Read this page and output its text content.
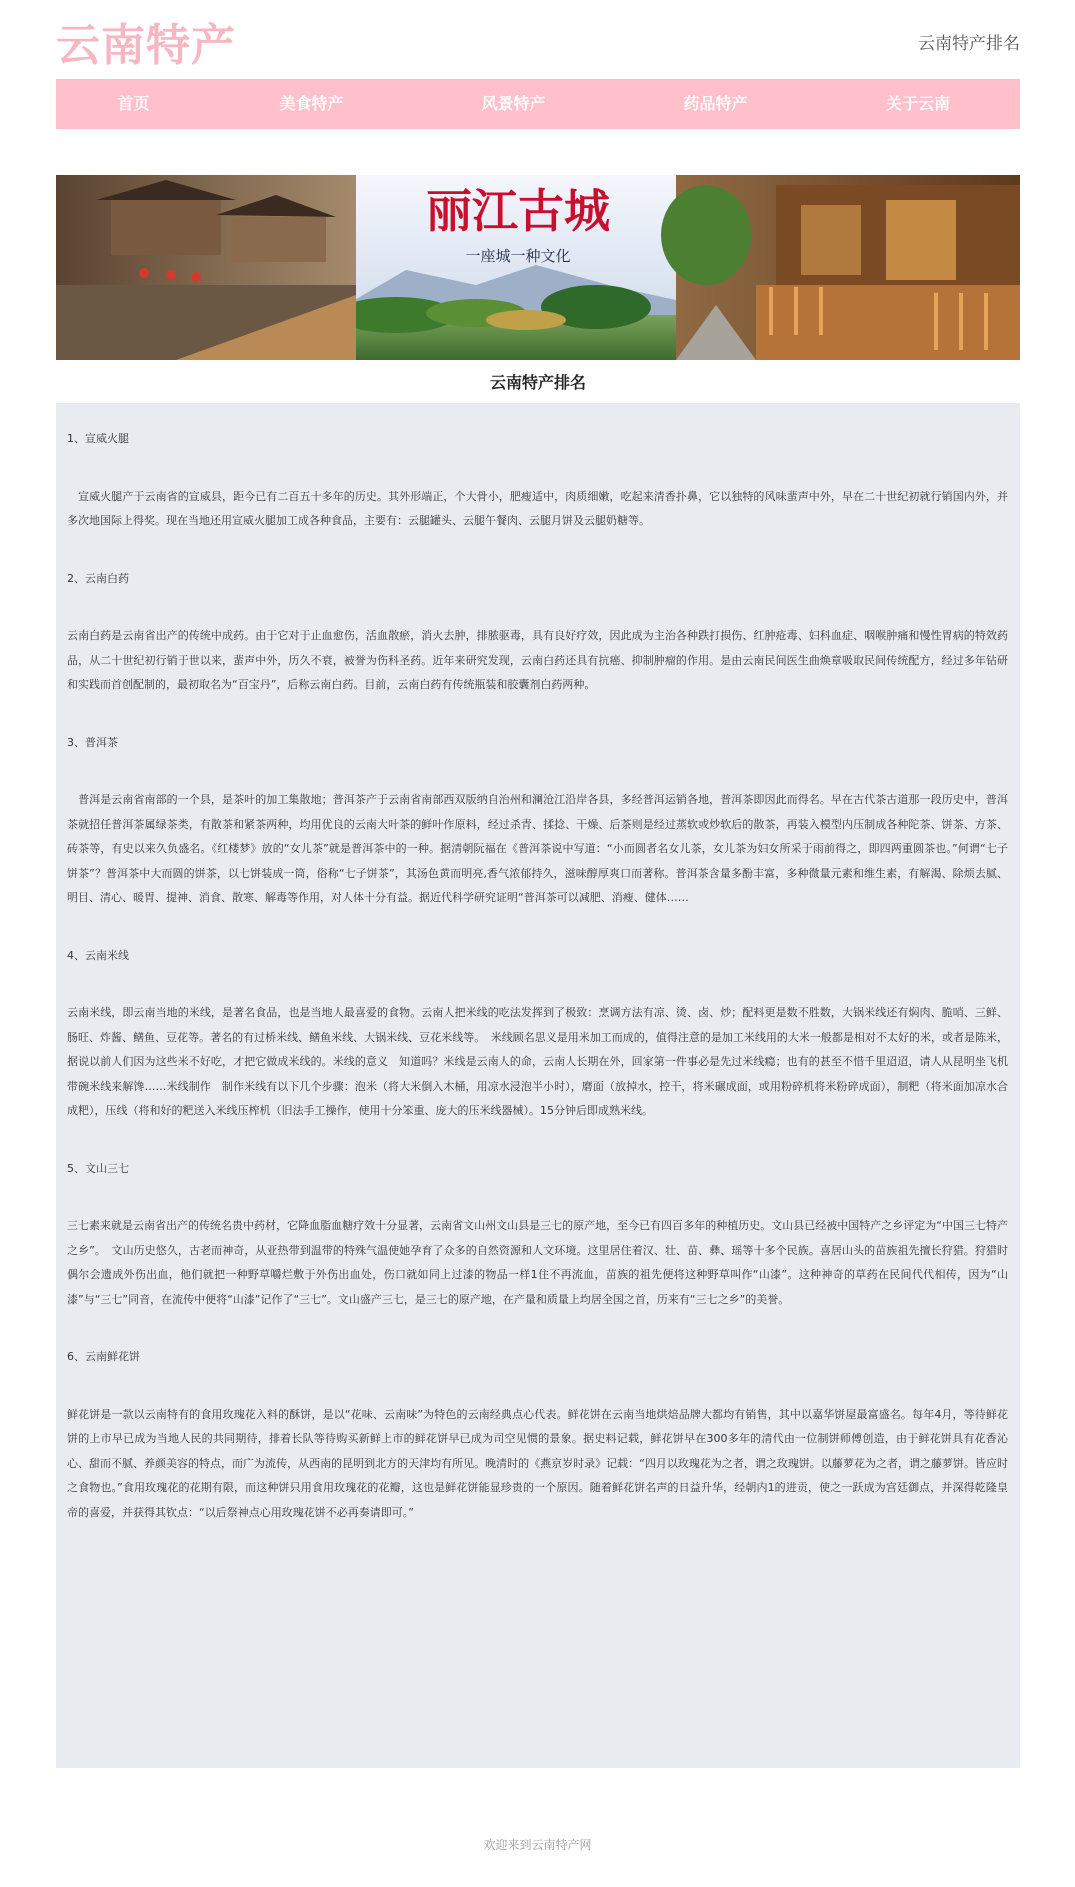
云南特产	云南特产排名
首页	美食特产	风景特产	药品特产	关于云南
丽江古城
一座城一种文化
云南特产排名
1、宣威火腿
　宣威火腿产于云南省的宣威县，距今已有二百五十多年的历史。其外形端正，个大骨小，肥瘦适中，肉质细嫩，吃起来清香扑鼻，它以独特的风味蜚声中外，早在二十世纪初就行销国内外，并多次地国际上得奖。现在当地还用宣威火腿加工成各种食品，主要有：云腿罐头、云腿午餐肉、云腿月饼及云腿奶糖等。
2、云南白药
云南白药是云南省出产的传统中成药。由于它对于止血愈伤，活血散瘀，消火去肿，排脓驱毒，具有良好疗效，因此成为主治各种跌打损伤、红肿疮毒、妇科血症、咽喉肿痛和慢性胃病的特效药品，从二十世纪初行销于世以来，蜚声中外，历久不衰，被誉为伤科圣药。近年来研究发现，云南白药还具有抗癌、抑制肿瘤的作用。是由云南民间医生曲焕章吸取民间传统配方，经过多年钻研和实践而首创配制的，最初取名为“百宝丹”，后称云南白药。目前，云南白药有传统瓶装和胶囊剂白药两种。
3、普洱茶
　普洱是云南省南部的一个县，是茶叶的加工集散地；普洱茶产于云南省南部西双版纳自治州和澜沧江沿岸各县，多经普洱运销各地，普洱茶即因此而得名。早在古代茶古道那一段历史中，普洱茶就招任普洱茶属绿茶类，有散茶和紧茶两种，均用优良的云南大叶茶的鲜叶作原料，经过杀青、揉捻、干燥、后茶则是经过蒸软或炒软后的散茶，再装入模型内压制成各种陀茶、饼茶、方茶、砖茶等，有史以来久负盛名。《红楼梦》放的“女儿茶”就是普洱茶中的一种。据清朝阮福在《普洱茶说中写道：“小而圆者名女儿茶，女儿茶为妇女所采于雨前得之，即四两重圆茶也。”何谓“七子饼茶”？普洱茶中大而圆的饼茶，以七饼装成一筒，俗称“七子饼茶”，其汤色黄而明亮,香气浓郁持久，滋味醇厚爽口而著称。普洱茶含量多酚丰富，多种微量元素和维生素，有解渴、除烦去腻、明目、清心、暖胃、提神、消食、散寒、解毒等作用，对人体十分有益。据近代科学研究证明“普洱茶可以减肥、消瘦、健体……
4、云南米线
云南米线，即云南当地的米线，是著名食品，也是当地人最喜爱的食物。云南人把米线的吃法发挥到了极致：烹调方法有凉、烫、卤、炒；配料更是数不胜数，大锅米线还有焖肉、脆哨、三鲜、肠旺、炸酱、鳝鱼、豆花等。著名的有过桥米线、鳝鱼米线、大锅米线、豆花米线等。　米线顾名思义是用米加工而成的，值得注意的是加工米线用的大米一般都是相对不太好的米，或者是陈米，据说以前人们因为这些米不好吃，才把它做成米线的。米线的意义　知道吗？米线是云南人的命，云南人长期在外，回家第一件事必是先过米线瘾；也有的甚至不惜千里迢迢，请人从昆明坐飞机带碗米线来解馋……米线制作　制作米线有以下几个步骤：泡米（将大米倒入木桶，用凉水浸泡半小时），磨面（放掉水，控干，将米碾成面，或用粉碎机将米粉碎成面），制粑（将米面加凉水合成粑），压线（将和好的粑送入米线压榨机（旧法手工操作，使用十分笨重、庞大的压米线器械）。15分钟后即成熟米线。
5、文山三七
三七素来就是云南省出产的传统名贵中药材，它降血脂血糖疗效十分显著，云南省文山州文山县是三七的原产地，至今已有四百多年的种植历史。文山县已经被中国特产之乡评定为“中国三七特产之乡”。　文山历史悠久，古老而神奇，从亚热带到温带的特殊气温使她孕育了众多的自然资源和人文环境。这里居住着汉、壮、苗、彝、瑶等十多个民族。喜居山头的苗族祖先擅长狩猎。狩猎时偶尔会遗成外伤出血，他们就把一种野草嚼烂敷于外伤出血处，伤口就如同上过漆的物品一样1住不再流血，苗族的祖先便将这种野草叫作“山漆”。这种神奇的草药在民间代代相传，因为“山漆”与“三七”同音，在流传中便将“山漆”记作了“三七”。文山盛产三七，是三七的原产地，在产量和质量上均居全国之首，历来有“三七之乡”的美誉。
6、云南鲜花饼
鲜花饼是一款以云南特有的食用玫瑰花入料的酥饼，是以“花味、云南味”为特色的云南经典点心代表。鲜花饼在云南当地烘焙品牌大都均有销售，其中以嘉华饼屋最富盛名。每年4月，等待鲜花饼的上市早已成为当地人民的共同期待，排着长队等待购买新鲜上市的鲜花饼早已成为司空见惯的景象。据史料记载，鲜花饼早在300多年的清代由一位制饼师傅创造，由于鲜花饼具有花香沁心、甜而不腻、养颜美容的特点，而广为流传，从西南的昆明到北方的天津均有所见。晚清时的《燕京岁时录》记载：“四月以玫瑰花为之者，谓之玫瑰饼。以藤萝花为之者，谓之藤萝饼。皆应时之食物也。”食用玫瑰花的花期有限，而这种饼只用食用玫瑰花的花瓣，这也是鲜花饼能显珍贵的一个原因。随着鲜花饼名声的日益升华，经朝内1的进贡，使之一跃成为宫廷御点，并深得乾隆皇帝的喜爱，并获得其钦点：“以后祭神点心用玫瑰花饼不必再奏请即可。”
欢迎来到云南特产网
